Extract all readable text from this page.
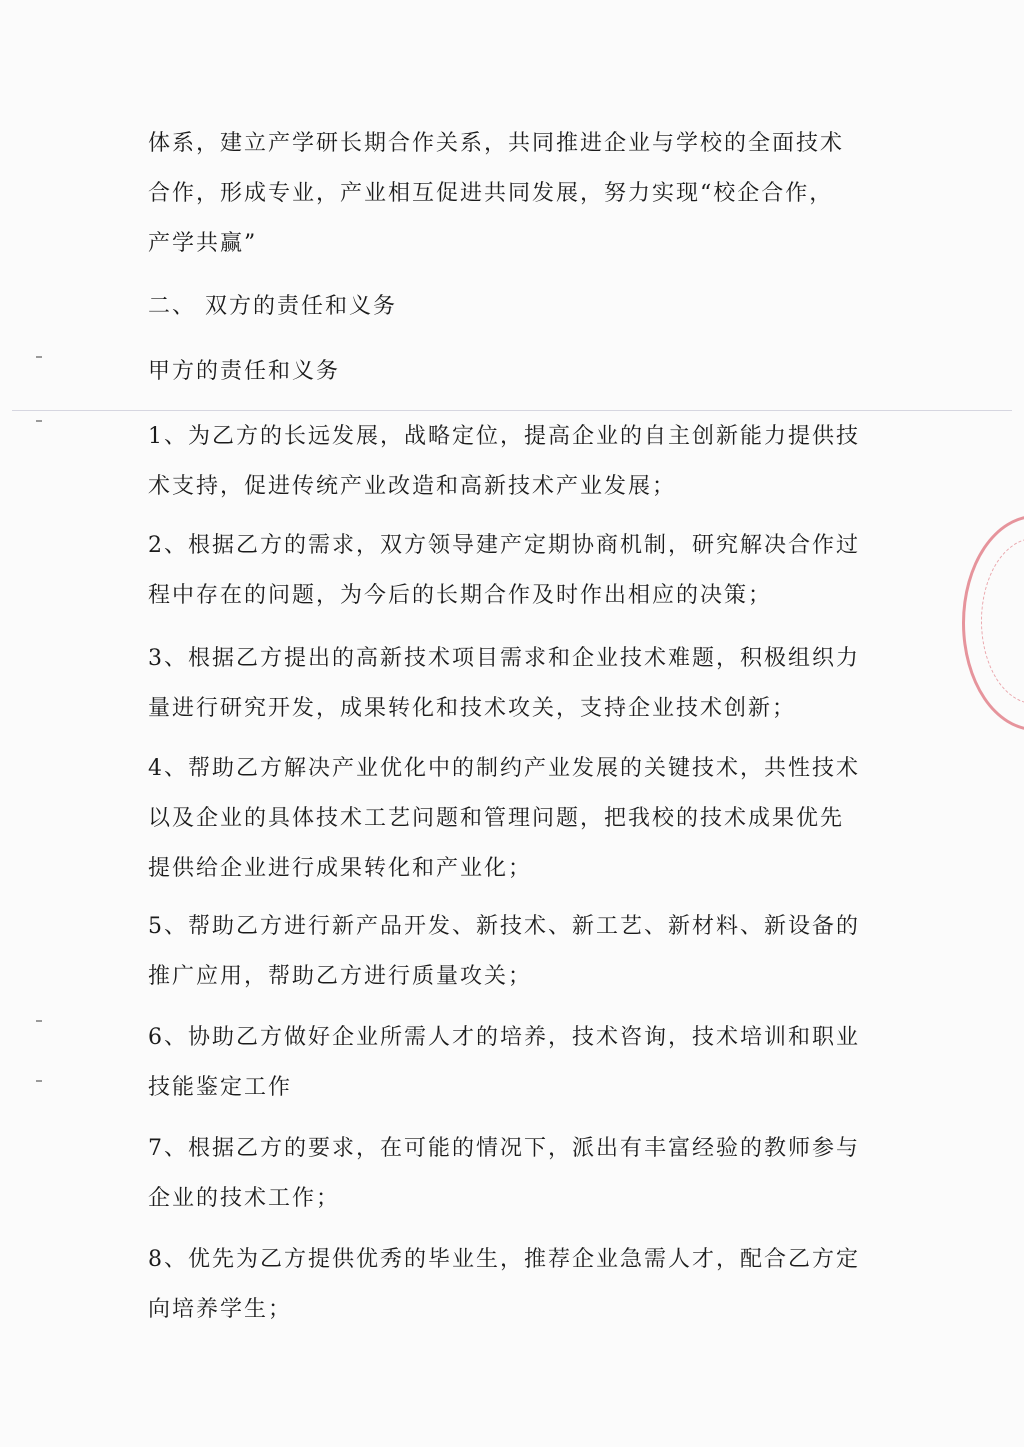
体系，建立产学研长期合作关系，共同推进企业与学校的全面技术
合作，形成专业，产业相互促进共同发展，努力实现“校企合作，
产学共赢”
二、 双方的责任和义务
甲方的责任和义务
1、为乙方的长远发展，战略定位，提高企业的自主创新能力提供技
术支持，促进传统产业改造和高新技术产业发展；
2、根据乙方的需求，双方领导建产定期协商机制，研究解决合作过
程中存在的问题，为今后的长期合作及时作出相应的决策；
3、根据乙方提出的高新技术项目需求和企业技术难题，积极组织力
量进行研究开发，成果转化和技术攻关，支持企业技术创新；
4、帮助乙方解决产业优化中的制约产业发展的关键技术，共性技术
以及企业的具体技术工艺问题和管理问题，把我校的技术成果优先
提供给企业进行成果转化和产业化；
5、帮助乙方进行新产品开发、新技术、新工艺、新材料、新设备的
推广应用，帮助乙方进行质量攻关；
6、协助乙方做好企业所需人才的培养，技术咨询，技术培训和职业
技能鉴定工作
7、根据乙方的要求，在可能的情况下，派出有丰富经验的教师参与
企业的技术工作；
8、优先为乙方提供优秀的毕业生，推荐企业急需人才，配合乙方定
向培养学生；
